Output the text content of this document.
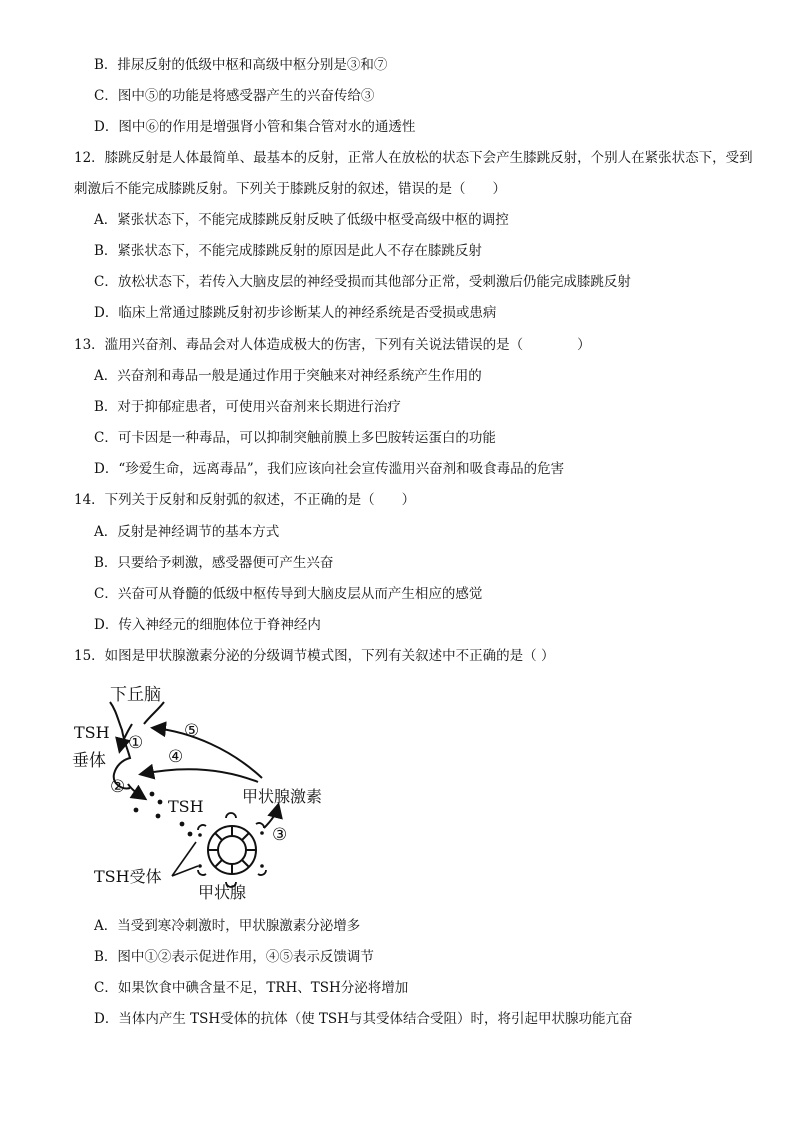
B．排尿反射的低级中枢和高级中枢分别是③和⑦
C．图中⑤的功能是将感受器产生的兴奋传给③
D．图中⑥的作用是增强肾小管和集合管对水的通透性
12．膝跳反射是人体最简单、最基本的反射，正常人在放松的状态下会产生膝跳反射，个别人在紧张状态下，受到
刺激后不能完成膝跳反射。下列关于膝跳反射的叙述，错误的是（　　）
A．紧张状态下，不能完成膝跳反射反映了低级中枢受高级中枢的调控
B．紧张状态下，不能完成膝跳反射的原因是此人不存在膝跳反射
C．放松状态下，若传入大脑皮层的神经受损而其他部分正常，受刺激后仍能完成膝跳反射
D．临床上常通过膝跳反射初步诊断某人的神经系统是否受损或患病
13．滥用兴奋剂、毒品会对人体造成极大的伤害，下列有关说法错误的是（　　　　）
A．兴奋剂和毒品一般是通过作用于突触来对神经系统产生作用的
B．对于抑郁症患者，可使用兴奋剂来长期进行治疗
C．可卡因是一种毒品，可以抑制突触前膜上多巴胺转运蛋白的功能
D．“珍爱生命，远离毒品”，我们应该向社会宣传滥用兴奋剂和吸食毒品的危害
14．下列关于反射和反射弧的叙述，不正确的是（　　）
A．反射是神经调节的基本方式
B．只要给予刺激，感受器便可产生兴奋
C．兴奋可从脊髓的低级中枢传导到大脑皮层从而产生相应的感觉
D．传入神经元的细胞体位于脊神经内
15．如图是甲状腺激素分泌的分级调节模式图，下列有关叙述中不正确的是（ ）
A．当受到寒冷刺激时，甲状腺激素分泌增多
B．图中①②表示促进作用，④⑤表示反馈调节
C．如果饮食中碘含量不足，TRH、TSH分泌将增加
D．当体内产生 TSH受体的抗体（使 TSH与其受体结合受阻）时，将引起甲状腺功能亢奋
下丘脑
TSH
垂体
甲状腺激素
TSH
TSH受体
甲状腺
①
⑤
④
②
③
